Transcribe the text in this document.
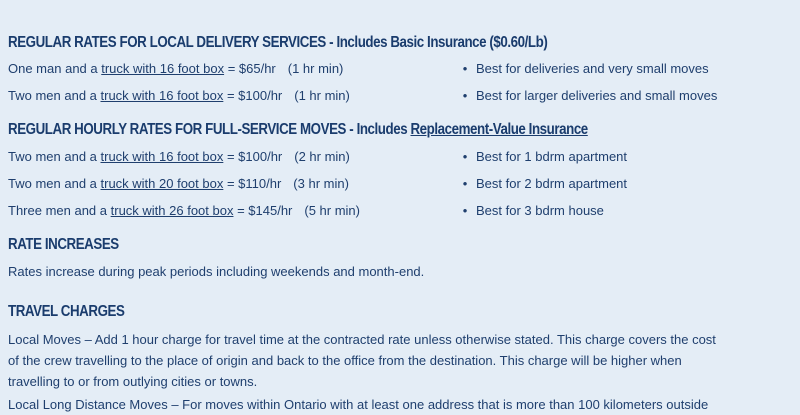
REGULAR RATES FOR LOCAL DELIVERY SERVICES - Includes Basic Insurance ($0.60/Lb)
One man and a truck with 16 foot box = $65/hr (1 hr min)	• Best for deliveries and very small moves
Two men and a truck with 16 foot box = $100/hr (1 hr min)	• Best for larger deliveries and small moves
REGULAR HOURLY RATES FOR FULL-SERVICE MOVES - Includes Replacement-Value Insurance
Two men and a truck with 16 foot box = $100/hr (2 hr min)	• Best for 1 bdrm apartment
Two men and a truck with 20 foot box = $110/hr (3 hr min)	• Best for 2 bdrm apartment
Three men and a truck with 26 foot box = $145/hr (5 hr min)	• Best for 3 bdrm house
RATE INCREASES
Rates increase during peak periods including weekends and month-end.
TRAVEL CHARGES
Local Moves – Add 1 hour charge for travel time at the contracted rate unless otherwise stated. This charge covers the cost
of the crew travelling to the place of origin and back to the office from the destination. This charge will be higher when
travelling to or from outlying cities or towns.
Local Long Distance Moves – For moves within Ontario with at least one address that is more than 100 kilometers outside
